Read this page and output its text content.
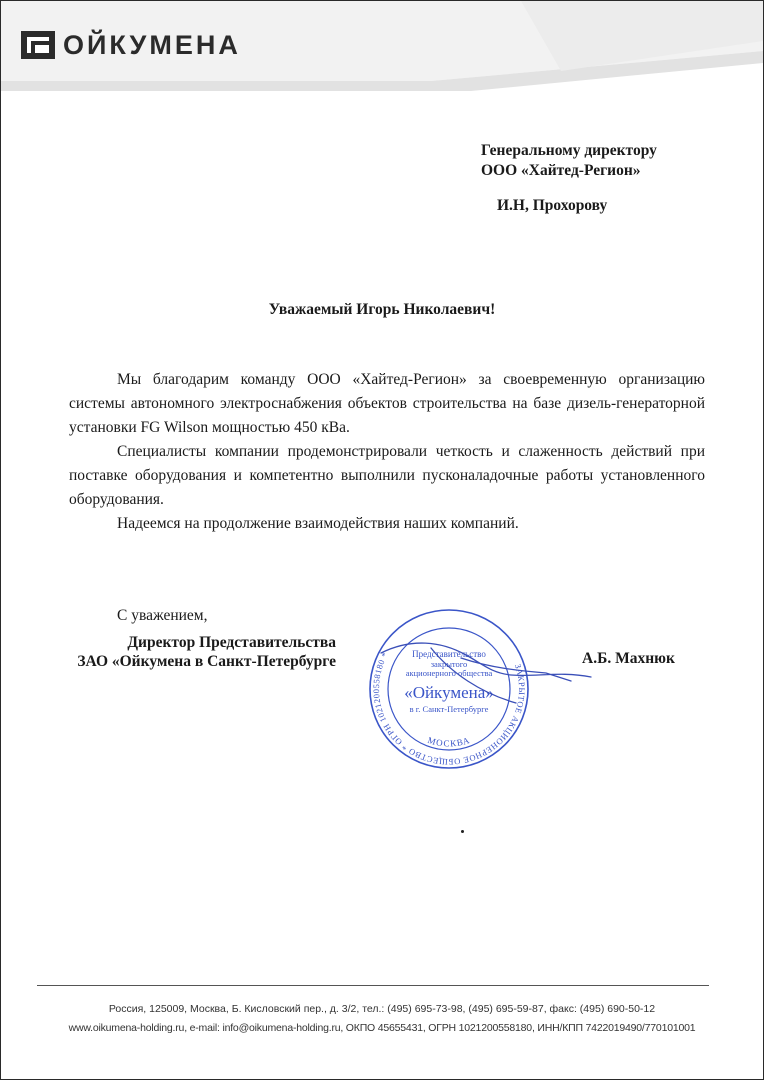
ОЙКУМЕНА
Генеральному директору
ООО «Хайтед-Регион»
И.Н, Прохорову
Уважаемый Игорь Николаевич!

Мы благодарим команду ООО «Хайтед-Регион» за своевременную организацию системы автономного электроснабжения объектов строительства на базе дизель-генераторной установки FG Wilson мощностью 450 кВа.

Специалисты компании продемонстрировали четкость и слаженность действий при поставке оборудования и компетентно выполнили пусконаладочные работы установленного оборудования.

Надеемся на продолжение взаимодействия наших компаний.

С уважением,
Директор Представительства
ЗАО «Ойкумена в Санкт-Петербурге	ЗАКРЫТОЕ АКЦИОНЕРНОЕ ОБЩЕСТВО * ОГРН 1021200558180 *
МОСКВА
Представительство
закрытого
акционерного общества
«Ойкумена»
в г. Санкт-Петербурге
А.Б. Махнюк
Россия, 125009, Москва, Б. Кисловский пер., д. 3/2, тел.: (495) 695-73-98, (495) 695-59-87, факс: (495) 690-50-12
www.oikumena-holding.ru, e-mail: info@oikumena-holding.ru, ОКПО 45655431, ОГРН 1021200558180, ИНН/КПП 7422019490/770101001
